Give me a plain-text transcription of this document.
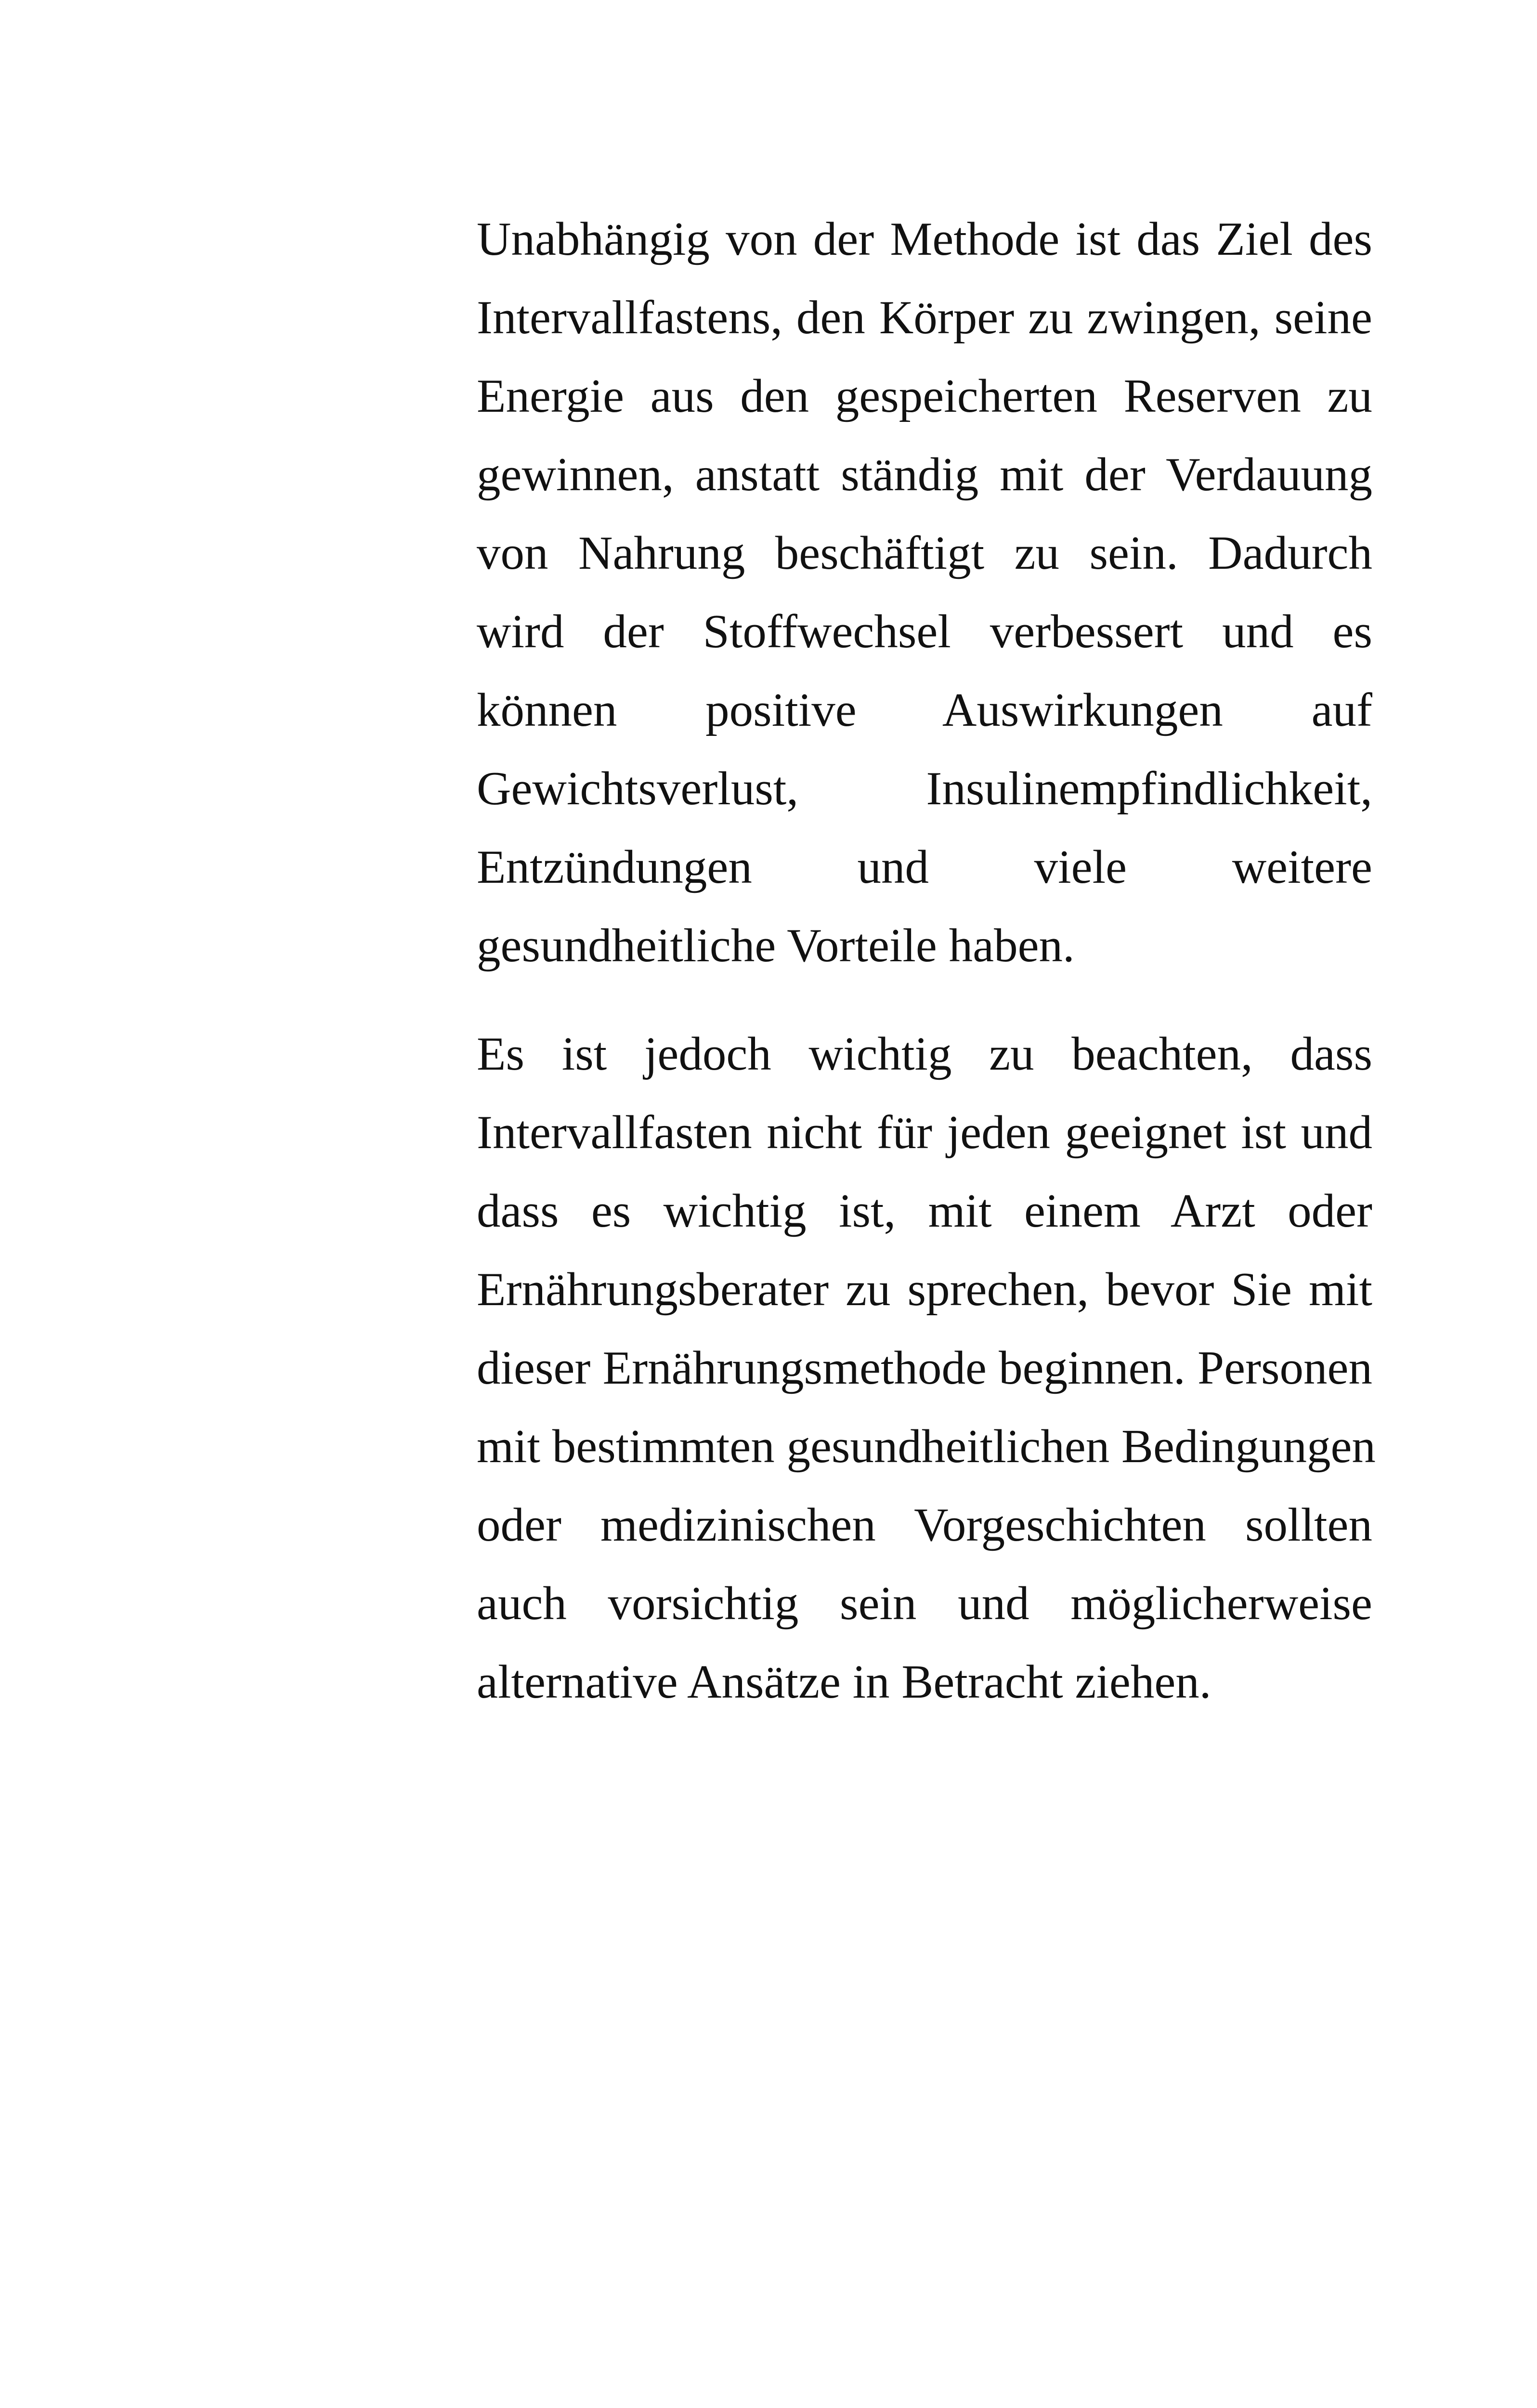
Unabhängig von der Methode ist das Ziel des
Intervallfastens, den Körper zu zwingen, seine
Energie aus den gespeicherten Reserven zu
gewinnen, anstatt ständig mit der Verdauung
von Nahrung beschäftigt zu sein. Dadurch
wird der Stoffwechsel verbessert und es
können positive Auswirkungen auf
Gewichtsverlust, Insulinempfindlichkeit,
Entzündungen und viele weitere
gesundheitliche Vorteile haben.

Es ist jedoch wichtig zu beachten, dass
Intervallfasten nicht für jeden geeignet ist und
dass es wichtig ist, mit einem Arzt oder
Ernährungsberater zu sprechen, bevor Sie mit
dieser Ernährungsmethode beginnen. Personen
mit bestimmten gesundheitlichen Bedingungen
oder medizinischen Vorgeschichten sollten
auch vorsichtig sein und möglicherweise
alternative Ansätze in Betracht ziehen.
